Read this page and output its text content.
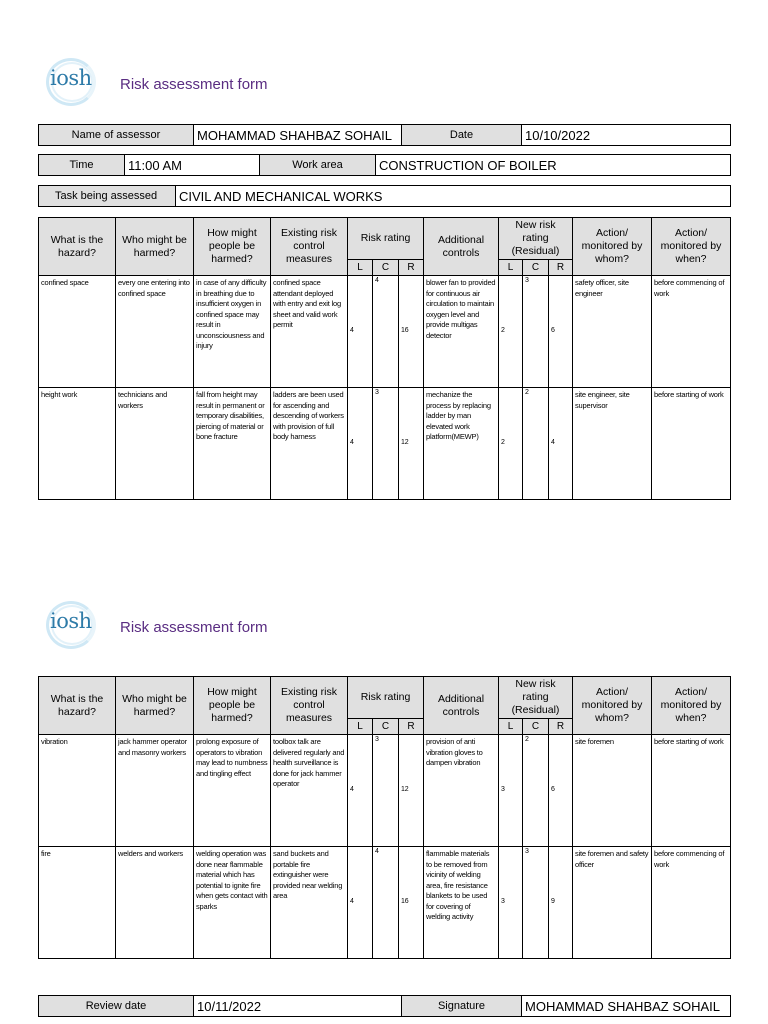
iosh Risk assessment form
Name of assessor	MOHAMMAD SHAHBAZ SOHAIL	Date	10/10/2022
Time	11:00 AM	Work area	CONSTRUCTION OF BOILER
Task being assessed	CIVIL AND MECHANICAL WORKS
What is the hazard?	Who might be harmed?	How might people be harmed?	Existing risk control measures	Risk rating			Additional controls	New risk rating (Residual)			Action/ monitored by whom?	Action/ monitored by when?
				L	C	R		L	C	R		
confined space	every one entering into confined space	in case of any difficulty in breathing due to insufficient oxygen in confined space may result in unconsciousness and injury	confined space attendant deployed with entry and exit log sheet and valid work permit	4	4	16	blower fan to provided for continuous air circulation to maintain oxygen level and provide multigas detector	2	3	6	safety officer, site engineer	before commencing of work
height work	technicians and workers	fall from height may result in permanent or temporary disabilities, piercing of material or bone fracture	ladders are been used for ascending and descending of workers with provision of full body harness	4	3	12	mechanize the process by replacing ladder by man elevated work platform(MEWP)	2	2	4	site engineer, site supervisor	before starting of work
iosh Risk assessment form
What is the hazard?	Who might be harmed?	How might people be harmed?	Existing risk control measures	Risk rating			Additional controls	New risk rating (Residual)			Action/ monitored by whom?	Action/ monitored by when?
				L	C	R		L	C	R		
vibration	jack hammer operator and masonry workers	prolong exposure of operators to vibration may lead to numbness and tingling effect	toolbox talk are delivered regularly and health surveillance is done for jack hammer operator	4	3	12	provision of anti vibration gloves to dampen vibration	3	2	6	site foremen	before starting of work
fire	welders and workers	welding operation was done near flammable material which has potential to ignite fire when gets contact with sparks	sand buckets and portable fire extinguisher were provided near welding area	4	4	16	flammable materials to be removed from vicinity of welding area, fire resistance blankets to be used for covering of welding activity	3	3	9	site foremen and safety officer	before commencing of work
Review date	10/11/2022	Signature	MOHAMMAD SHAHBAZ SOHAIL
